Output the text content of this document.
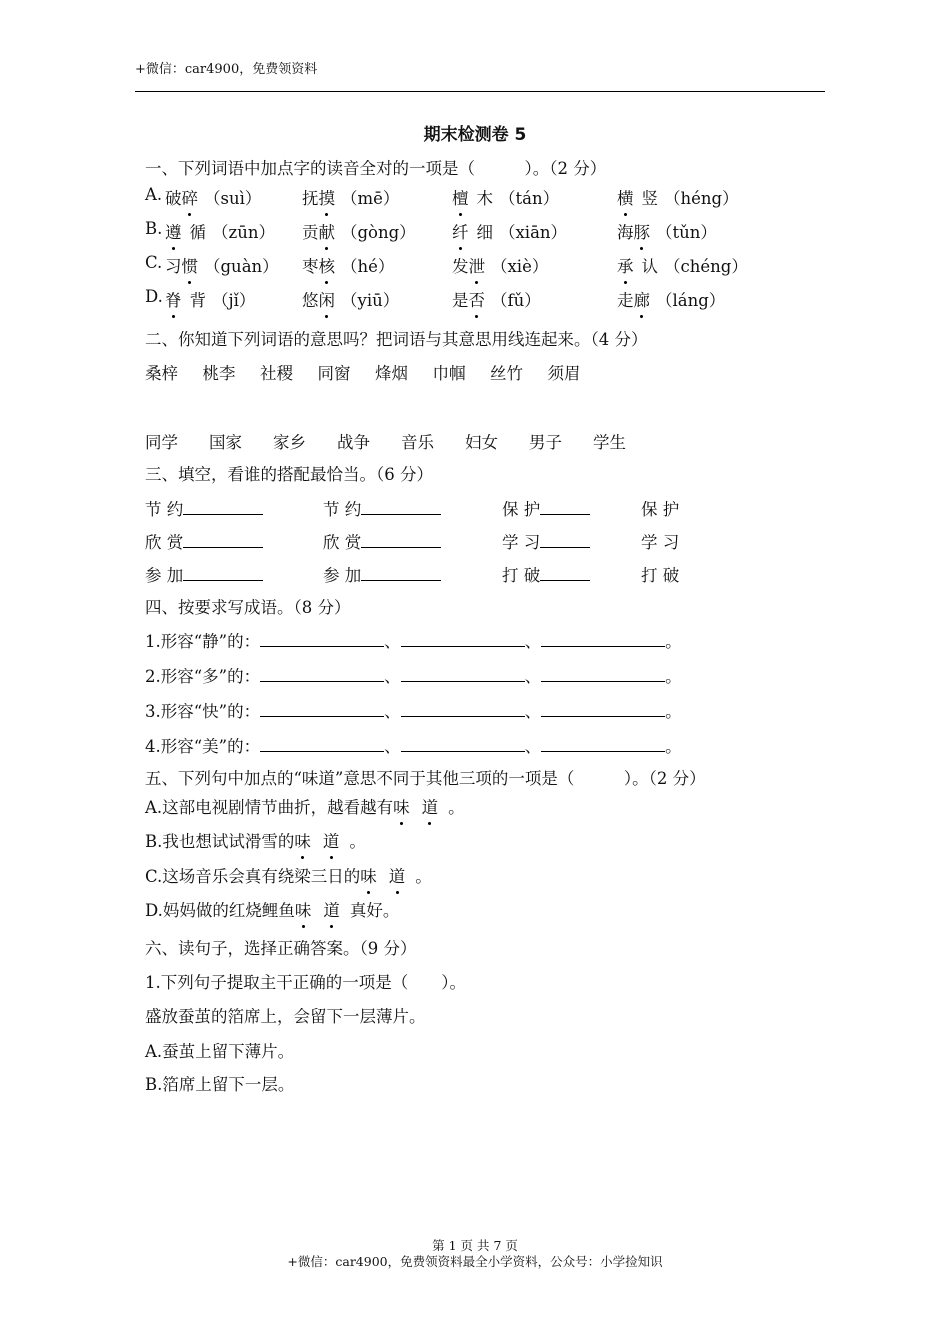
+微信：car4900，免费领资料
期末检测卷 5
一、下列词语中加点字的读音全对的一项是（　　　）。（2 分）
A. 破碎 （suì） 抚摸 （mē）	檀 木 （tán）	横 竖 （héng）
B. 遵 循 （zūn） 贡献 （gòng） 纤 细 （xiān）	海豚 （tǔn）
C. 习惯 （guàn） 枣核 （hé）	发泄 （xiè）	承 认 （chéng）
D. 脊 背 （jǐ）	悠闲 （yiū）	是否 （fǔ）	走廊 （láng）
二、你知道下列词语的意思吗？把词语与其意思用线连起来。（4 分）
桑梓 桃李 社稷 同窗 烽烟 巾帼 丝竹 须眉
同学 国家 家乡 战争 音乐 妇女 男子 学生
三、填空，看谁的搭配最恰当。（6 分）
节 约	节 约	保 护	保 护
欣 赏	欣 赏	学 习	学 习
参 加	参 加	打 破	打 破
四、按要求写成语。（8 分）
1.形容“静”的：	、	、	。
2.形容“多”的：	、	、	。
3.形容“快”的：	、	、	。
4.形容“美”的：	、	、	。
五、下列句中加点的“味道”意思不同于其他三项的一项是（　　　）。（2 分）
A.这部电视剧情节曲折，越看越有味 道 。
B.我也想试试滑雪的味 道 。
C.这场音乐会真有绕梁三日的味 道 。
D.妈妈做的红烧鲤鱼味 道 真好。
六、读句子，选择正确答案。（9 分）
1.下列句子提取主干正确的一项是（　　）。
盛放蚕茧的箔席上，会留下一层薄片。
A.蚕茧上留下薄片。
B.箔席上留下一层。
第 1 页 共 7 页
+微信：car4900，免费领资料最全小学资料，公众号：小学捡知识
